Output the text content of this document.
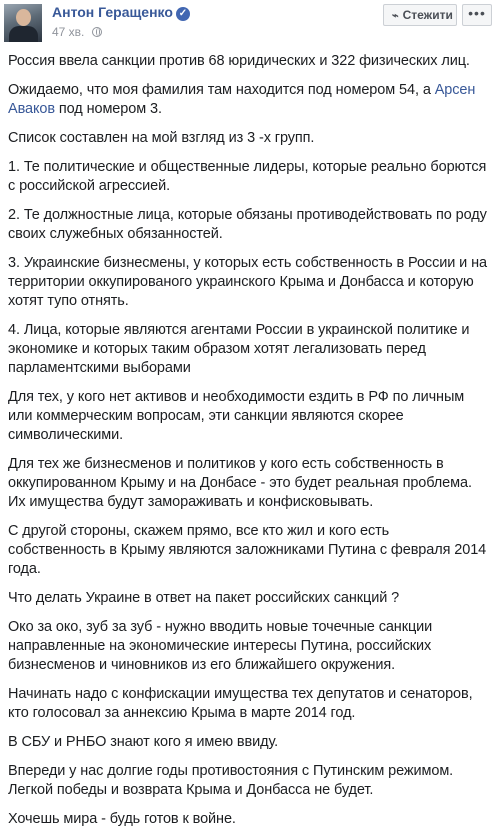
Антон Геращенко ✓
47 хв.
⌁ Стежити	•••

Россия ввела санкции против 68 юридических и 322 физических лиц.

Ожидаемо, что моя фамилия там находится под номером 54, а Арсен Аваков под номером 3.

Список составлен на мой взгляд из 3 -х групп.

1. Те политические и общественные лидеры, которые реально борются с российской агрессией.

2. Те должностные лица, которые обязаны противодействовать по роду своих служебных обязанностей.

3. Украинские бизнесмены, у которых есть собственность в России и на территории оккупированого украинского Крыма и Донбасса и которую хотят тупо отнять.

4. Лица, которые являются агентами России в украинской политике и экономике и которых таким образом хотят легализовать перед парламентскими выборами

Для тех, у кого нет активов и необходимости ездить в РФ по личным или коммерческим вопросам, эти санкции являются скорее символическими.

Для тех же бизнесменов и политиков у кого есть собственность в оккупированном Крыму и на Донбасе - это будет реальная проблема. Их имущества будут замораживать и конфисковывать.

С другой стороны, скажем прямо, все кто жил и кого есть собственность в Крыму являются заложниками Путина с февраля 2014 года.

Что делать Украине в ответ на пакет российских санкций ?

Око за око, зуб за зуб - нужно вводить новые точечные санкции направленные на экономические интересы Путина, российских бизнесменов и чиновников из его ближайшего окружения.

Начинать надо с конфискации имущества тех депутатов и сенаторов, кто голосовал за аннексию Крыма в марте 2014 год.

В СБУ и РНБО знают кого я имею ввиду.

Впереди у нас долгие годы противостояния с Путинским режимом. Легкой победы и возврата Крыма и Донбасса не будет.

Хочешь мира - будь готов к войне.
